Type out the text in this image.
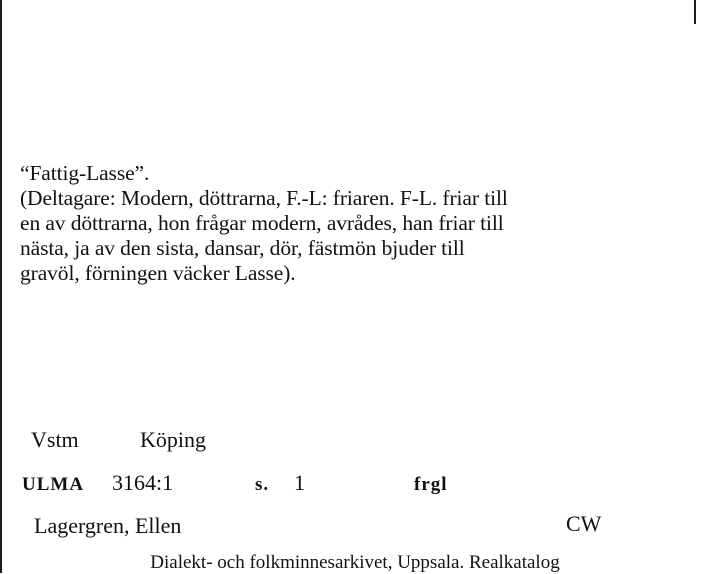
“Fattig-Lasse”.
(Deltagare: Modern, döttrarna, F.-L: friaren. F-L. friar till
en av döttrarna, hon frågar modern, avrådes, han friar till
nästa, ja av den sista, dansar, dör, fästmön bjuder till
gravöl, förningen väcker Lasse).
Vstm	Köping
ULMA 3164:1	s. 1	frgl
Lagergren, Ellen	CW
Dialekt- och folkminnesarkivet, Uppsala. Realkatalog
